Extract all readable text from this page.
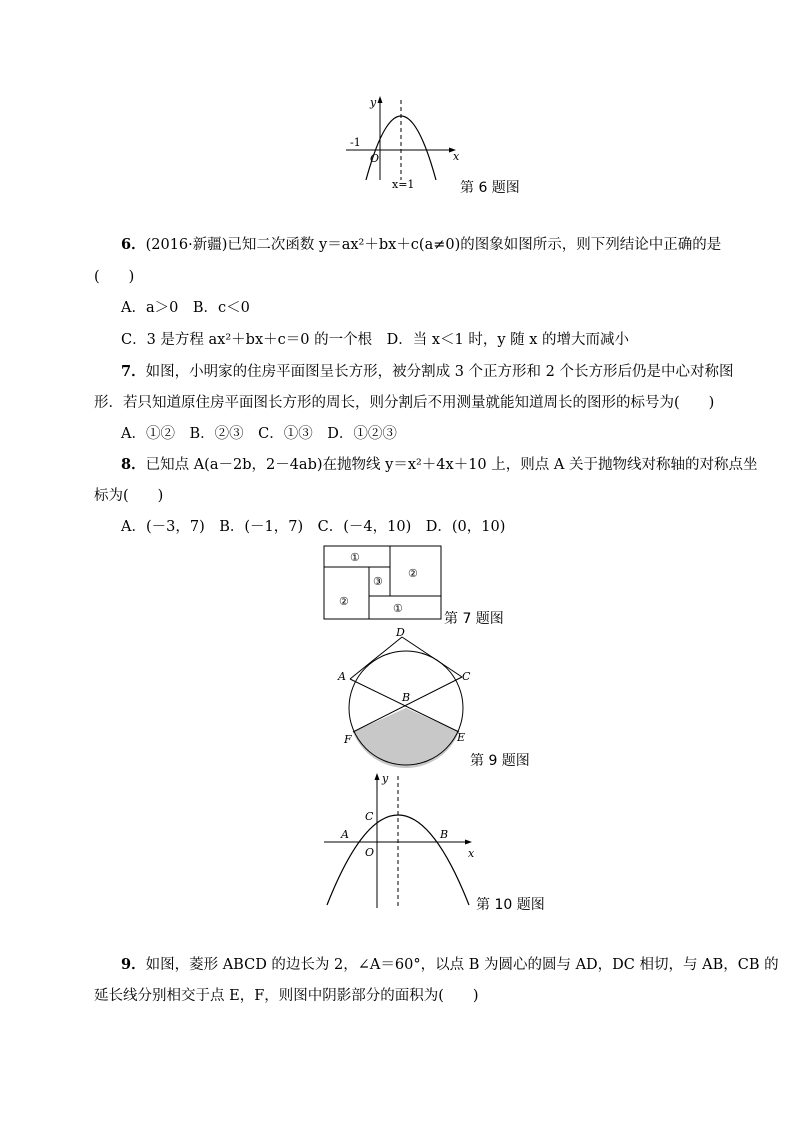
y
x
-1
O
x=1	第 6 题图
6．(2016·新疆)已知二次函数 y＝ax²＋bx＋c(a≠0)的图象如图所示，则下列结论中正确的是
(　　)
A．a＞0　B．c＜0
C．3 是方程 ax²＋bx＋c＝0 的一个根　D．当 x＜1 时，y 随 x 的增大而减小
7．如图，小明家的住房平面图呈长方形，被分割成 3 个正方形和 2 个长方形后仍是中心对称图
形．若只知道原住房平面图长方形的周长，则分割后不用测量就能知道周长的图形的标号为(　　)
A．①②　B．②③　C．①③　D．①②③
8．已知点 A(a－2b，2－4ab)在抛物线 y＝x²＋4x＋10 上，则点 A 关于抛物线对称轴的对称点坐
标为(　　)
A．(－3，7)　B．(－1，7)　C．(－4，10)　D．(0，10)
①
②
③
②
①
第 7 题图
D
A	C
B
F	E
第 9 题图
y
x
C
A	B
O
第 10 题图
9．如图，菱形 ABCD 的边长为 2，∠A＝60°，以点 B 为圆心的圆与 AD，DC 相切，与 AB，CB 的
延长线分别相交于点 E，F，则图中阴影部分的面积为(　　)
